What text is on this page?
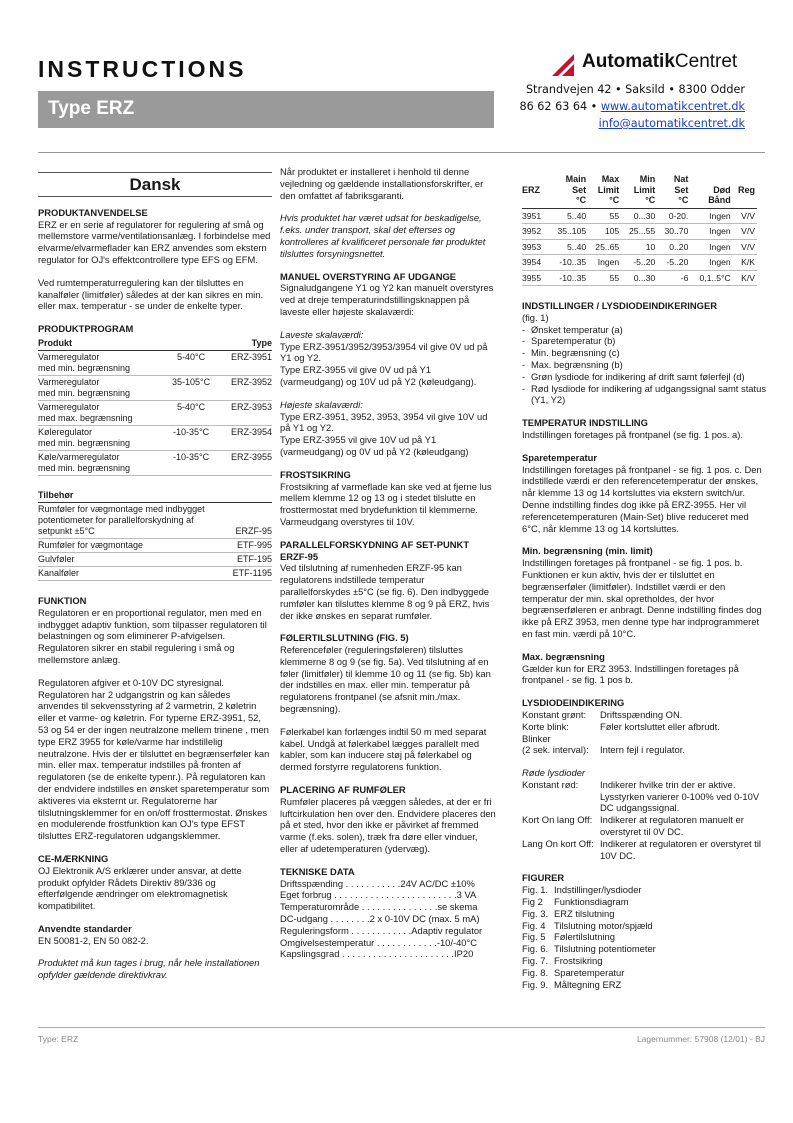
INSTRUCTIONS
Type ERZ
AutomatikCentret
Strandvejen 42 • Saksild • 8300 Odder
86 62 63 64 • www.automatikcentret.dk
info@automatikcentret.dk
Dansk
PRODUKTANVENDELSE
ERZ er en serie af regulatorer for regulering af små og mellemstore varme/ventilationsanlæg. I forbindelse med elvarme/elvarmeflader kan ERZ anvendes som ekstern regulator for OJ's effektcontrollere type EFS og EFM.
Ved rumtemperaturregulering kan der tilsluttes en kanalføler (limitføler) således at der kan sikres en min. eller max. temperatur - se under de enkelte typer.
PRODUKTPROGRAM
Produkt		Type
Varmeregulator
med min. begrænsning	5-40°C	ERZ-3951
Varmeregulator
med min. begrænsning	35-105°C	ERZ-3952
Varmeregulator
med max. begrænsning	5-40°C	ERZ-3953
Køleregulator
med min. begrænsning	-10-35°C	ERZ-3954
Køle/varmeregulator
med min. begrænsning	-10-35°C	ERZ-3955
Tilbehør	
Rumføler for vægmontage med indbygget potentiometer for parallelforskydning af setpunkt ±5°C	ERZF-95
Rumføler for vægmontage	ETF-995
Gulvføler	ETF-195
Kanalføler	ETF-1195
FUNKTION
Regulatoren er en proportional regulator, men med en indbygget adaptiv funktion, som tilpasser regulatoren til belastningen og som eliminerer P-afvigelsen. Regulatoren sikrer en stabil regulering i små og mellemstore anlæg.
Regulatoren afgiver et 0-10V DC styresignal. Regulatoren har 2 udgangstrin og kan således anvendes til sekvensstyring af 2 varmetrin, 2 køletrin eller et varme- og køletrin. For typerne ERZ-3951, 52, 53 og 54 er der ingen neutralzone mellem trinene , men type ERZ 3955 for køle/varme har indstillelig neutralzone. Hvis der er tilsluttet en begrænserføler kan min. eller max. temperatur indstilles på fronten af regulatoren (se de enkelte typenr.). På regulatoren kan der endvidere indstilles en ønsket sparetemperatur som aktiveres via eksternt ur. Regulatorerne har tilslutningsklemmer for en on/off frosttermostat. Ønskes en modulerende frostfunktion kan OJ's type EFST tilsluttes ERZ-regulatoren udgangsklemmer.
CE-MÆRKNING
OJ Elektronik A/S erklærer under ansvar, at dette produkt opfylder Rådets Direktiv 89/336 og efterfølgende ændringer om elektromagnetisk kompatibilitet.
Anvendte standarder
EN 50081-2, EN 50 082-2.
Produktet må kun tages i brug, når hele installationen opfylder gældende direktivkrav.
Når produktet er installeret i henhold til denne vejledning og gældende installationsforskrifter, er den omfattet af fabriksgaranti.
Hvis produktet har været udsat for beskadigelse, f.eks. under transport, skal det efterses og kontrolleres af kvalificeret personale før produktet tilsluttes forsyningsnettet.
MANUEL OVERSTYRING AF UDGANGE
Signaludgangene Y1 og Y2 kan manuelt overstyres ved at dreje temperaturindstillingsknappen på laveste eller højeste skalaværdi:
Laveste skalaværdi:
Type ERZ-3951/3952/3953/3954 vil give 0V ud på Y1 og Y2.
Type ERZ-3955 vil give 0V ud på Y1 (varmeudgang) og 10V ud på Y2 (køleudgang).
Højeste skalaværdi:
Type ERZ-3951, 3952, 3953, 3954 vil give 10V ud på Y1 og Y2.
Type ERZ-3955 vil give 10V ud på Y1 (varmeudgang) og 0V ud på Y2 (køleudgang)
FROSTSIKRING
Frostsikring af varmeflade kan ske ved at fjerne lus mellem klemme 12 og 13 og i stedet tilslutte en frosttermostat med brydefunktion til klemmerne. Varmeudgang overstyres til 10V.
PARALLELFORSKYDNING AF SET-PUNKT ERZF-95
Ved tilslutning af rumenheden ERZF-95 kan regulatorens indstillede temperatur parallelforskydes ±5°C (se fig. 6). Den indbyggede rumføler kan tilsluttes klemme 8 og 9 på ERZ, hvis der ikke ønskes en separat rumføler.
FØLERTILSLUTNING (FIG. 5)
Referenceføler (reguleringsføleren) tilsluttes klemmerne 8 og 9 (se fig. 5a). Ved tilslutning af en føler (limitføler) til klemme 10 og 11 (se fig. 5b) kan der indstilles en max. eller min. temperatur på regulatorens frontpanel (se afsnit min./max. begrænsning).
Følerkabel kan forlænges indtil 50 m med separat kabel. Undgå at følerkabel lægges parallelt med kabler, som kan inducere støj på følerkabel og dermed forstyrre regulatorens funktion.
PLACERING AF RUMFØLER
Rumføler placeres på væggen således, at der er fri luftcirkulation hen over den. Endvidere placeres den på et sted, hvor den ikke er påvirket af fremmed varme (f.eks. solen), træk fra døre eller vinduer, eller af udetemperaturen (ydervæg).
TEKNISKE DATA
Driftsspænding . . . . . . . . . . .24V AC/DC ±10%
Eget forbrug . . . . . . . . . . . . . . . . . . . . . . . .3 VA
Temperaturområde . . . . . . . . . . . . . . .se skema
DC-udgang . . . . . . . .2 x 0-10V DC (max. 5 mA)
Reguleringsform . . . . . . . . . . . .Adaptiv regulator
Omgivelsestemperatur . . . . . . . . . . . .-10/-40°C
Kapslingsgrad . . . . . . . . . . . . . . . . . . . . . .IP20
ERZ	Main
Set
°C	Max
Limit
°C	Min
Limit
°C	Nat
Set
°C	Død
Bånd	Reg

3951	5..40	55	0...30	0-20.	Ingen	V/V
3952	35..105	105	25...55	30..70	Ingen	V/V
3953	5..40	25..65	10	0..20	Ingen	V/V
3954	-10..35	Ingen	-5..20	-5..20	Ingen	K/K
3955	-10..35	55	0...30	-6	0,1..5°C	K/V
INDSTILLINGER / LYSDIODEINDIKERINGER
(fig. 1)
- Ønsket temperatur (a)
- Sparetemperatur (b)
- Min. begrænsning (c)
- Max. begrænsning (b)
- Grøn lysdiode for indikering af drift samt følerfejl (d)
- Rød lysdiode for indikering af udgangssignal samt status (Y1, Y2)
TEMPERATUR INDSTILLING
Indstillingen foretages på frontpanel (se fig. 1 pos. a).
Sparetemperatur
Indstillingen foretages på frontpanel - se fig. 1 pos. c. Den indstillede værdi er den referencetemperatur der ønskes, når klemme 13 og 14 kortsluttes via ekstern switch/ur. Denne indstilling findes dog ikke på ERZ-3955. Her vil referencetemperaturen (Main-Set) blive reduceret med 6°C, når klemme 13 og 14 kortsluttes.
Min. begrænsning (min. limit)
Indstillingen foretages på frontpanel - se fig. 1 pos. b. Funktionen er kun aktiv, hvis der er tilsluttet en begrænserføler (limitføler). Indstillet værdi er den temperatur der min. skal opretholdes, der hvor begrænserføleren er anbragt. Denne indstilling findes dog ikke på ERZ 3953, men denne type har indprogrammeret en fast min. værdi på 10°C.
Max. begrænsning
Gælder kun for ERZ 3953. Indstillingen foretages på frontpanel - se fig. 1 pos b.
LYSDIODEINDIKERING
Konstant grønt:	Driftsspænding ON.
Korte blink:	Føler kortsluttet eller afbrudt.
Blinker
(2 sek. interval):	Intern fejl i regulator.
Røde lysdioder
Konstant rød:	Indikerer hvilke trin der er aktive. Lysstyrken varierer 0-100% ved 0-10V DC udgangssignal.
Kort On lang Off: Indikerer at regulatoren manuelt er overstyret til 0V DC.
Lang On kort Off: Indikerer at regulatoren er overstyret til 10V DC.
FIGURER
Fig. 1. Indstillinger/lysdioder
Fig 2	Funktionsdiagram
Fig. 3. ERZ tilslutning
Fig. 4 Tilslutning motor/spjæld
Fig. 5 Følertilslutning
Fig. 6. Tilslutning potentiometer
Fig. 7. Frostsikring
Fig. 8. Sparetemperatur
Fig. 9. Måltegning ERZ
Type: ERZ	Lagernummer: 57908 (12/01) - BJ
